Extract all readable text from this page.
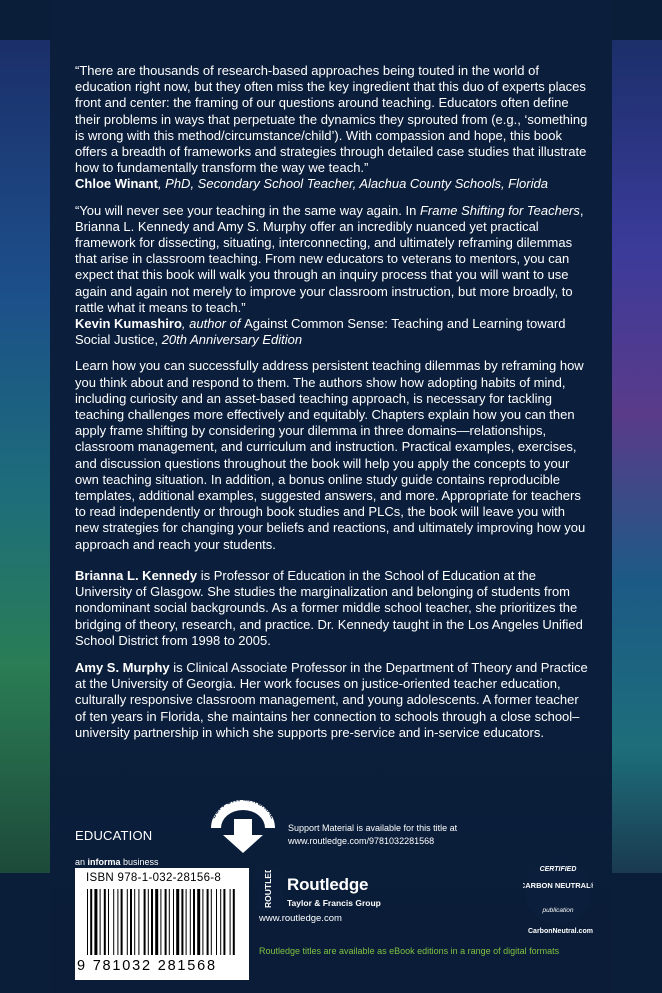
“There are thousands of research-based approaches being touted in the world of education right now, but they often miss the key ingredient that this duo of experts places front and center: the framing of our questions around teaching. Educators often define their problems in ways that perpetuate the dynamics they sprouted from (e.g., ‘something is wrong with this method/circumstance/child’). With compassion and hope, this book offers a breadth of frameworks and strategies through detailed case studies that illustrate how to fundamentally transform the way we teach.”

Chloe Winant, PhD, Secondary School Teacher, Alachua County Schools, Florida

“You will never see your teaching in the same way again. In Frame Shifting for Teachers, Brianna L. Kennedy and Amy S. Murphy offer an incredibly nuanced yet practical framework for dissecting, situating, interconnecting, and ultimately reframing dilemmas that arise in classroom teaching. From new educators to veterans to mentors, you can expect that this book will walk you through an inquiry process that you will want to use again and again not merely to improve your classroom instruction, but more broadly, to rattle what it means to teach.”

Kevin Kumashiro, author of Against Common Sense: Teaching and Learning toward Social Justice, 20th Anniversary Edition

Learn how you can successfully address persistent teaching dilemmas by reframing how you think about and respond to them. The authors show how adopting habits of mind, including curiosity and an asset-based teaching approach, is necessary for tackling teaching challenges more effectively and equitably. Chapters explain how you can then apply frame shifting by considering your dilemma in three domains—relationships, classroom management, and curriculum and instruction. Practical examples, exercises, and discussion questions throughout the book will help you apply the concepts to your own teaching situation. In addition, a bonus online study guide contains reproducible templates, additional examples, suggested answers, and more. Appropriate for teachers to read independently or through book studies and PLCs, the book will leave you with new strategies for changing your beliefs and reactions, and ultimately improving how you approach and reach your students.

Brianna L. Kennedy is Professor of Education in the School of Education at the University of Glasgow. She studies the marginalization and belonging of students from nondominant social backgrounds. As a former middle school teacher, she prioritizes the bridging of theory, research, and practice. Dr. Kennedy taught in the Los Angeles Unified School District from 1998 to 2005.

Amy S. Murphy is Clinical Associate Professor in the Department of Theory and Practice at the University of Georgia. Her work focuses on justice-oriented teacher education, culturally responsive classroom management, and young adolescents. A former teacher of ten years in Florida, she maintains her connection to schools through a close school–university partnership in which she supports pre-service and in-service educators.

EDUCATION
an informa business
ISBN 978-1-032-28156-8
9 781032 281568
SUPPORT MATERIAL
Support Material is available for this title at
www.routledge.com/9781032281568
ROUTLEDGE Routledge
Taylor & Francis Group
www.routledge.com
CERTIFIED
CARBON NEUTRAL®
publication
CarbonNeutral.com
Routledge titles are available as eBook editions in a range of digital formats
